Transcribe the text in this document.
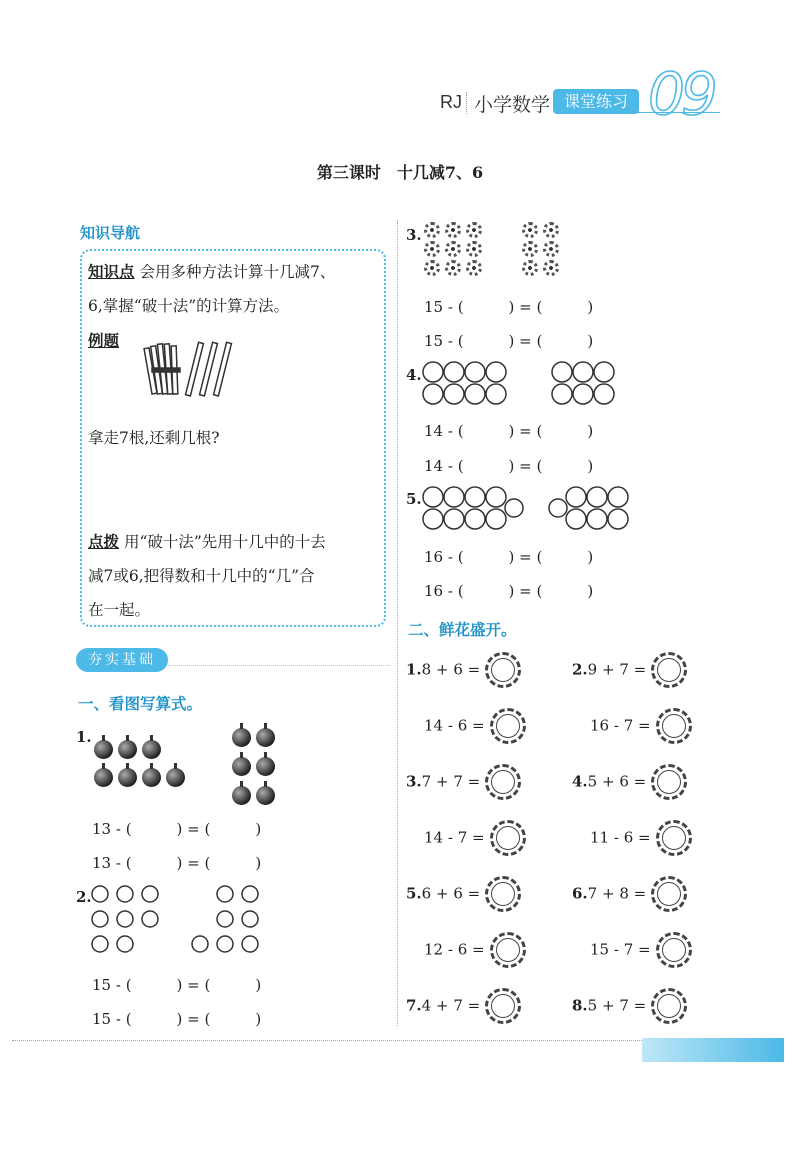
RJ 小学数学 课堂练习 09
第三课时　十几减7、6
知识导航
知识点 会用多种方法计算十几减7、
6,掌握“破十法”的计算方法。
例题
拿走7根,还剩几根?
点拨 用“破十法”先用十几中的十去
减7或6,把得数和十几中的“几”合
在一起。
夯实基础
一、看图写算式。
1.

13 - (　　　) = (　　　)
13 - (　　　) = (　　　)
2.
15 - (　　　) = (　　　)
15 - (　　　) = (　　　)
3.

15 - (　　　) = (　　　)
15 - (　　　) = (　　　)
4.
14 - (　　　) = (　　　)
14 - (　　　) = (　　　)
5.
16 - (　　　) = (　　　)
16 - (　　　) = (　　　)
二、鲜花盛开。
1.8 + 6 =
14 - 6 =
2.9 + 7 =
16 - 7 =
3.7 + 7 =
14 - 7 =
4.5 + 6 =
11 - 6 =
5.6 + 6 =
12 - 6 =
6.7 + 8 =
15 - 7 =
7.4 + 7 =	8.5 + 7 =
